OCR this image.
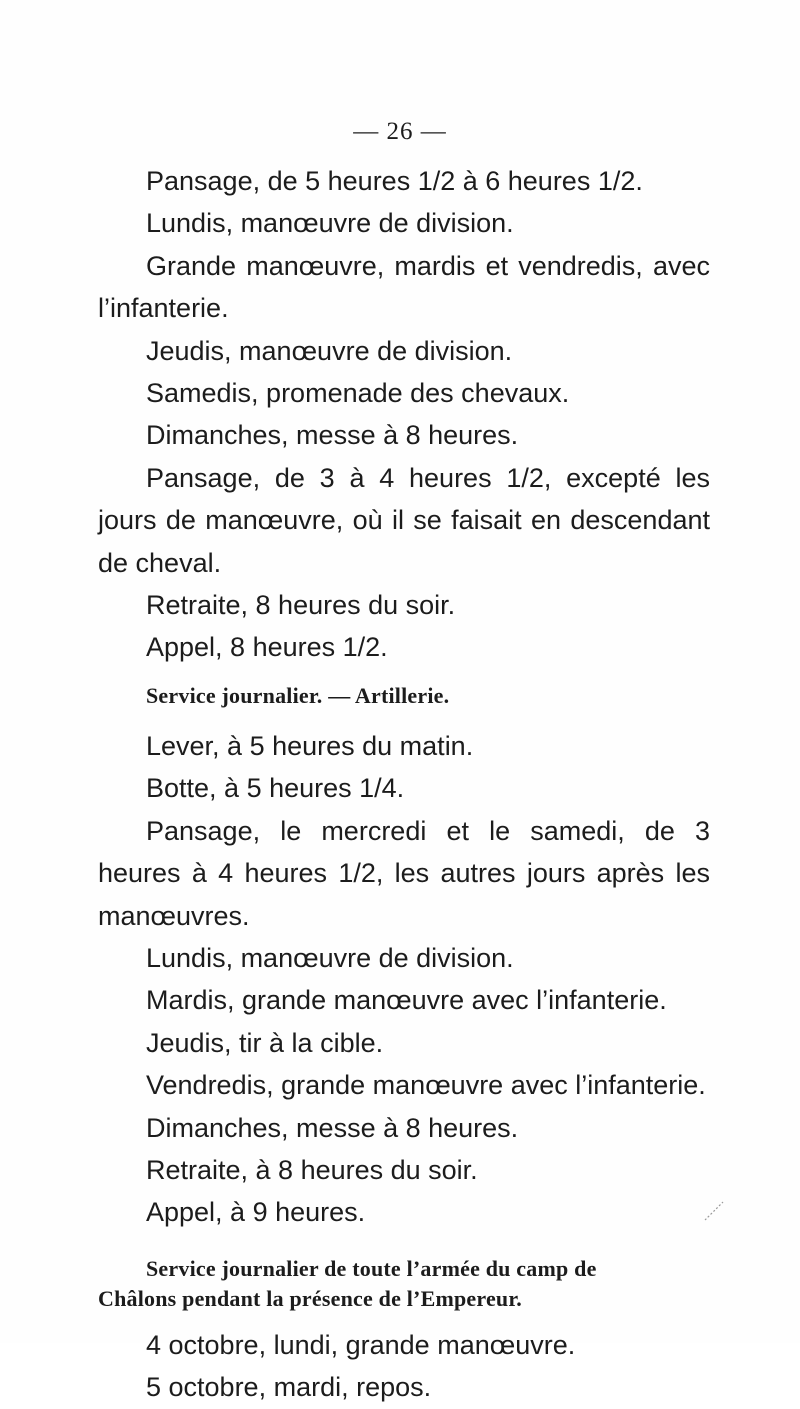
— 26 —

Pansage, de 5 heures 1/2 à 6 heures 1/2.

Lundis, manœuvre de division.

Grande manœuvre, mardis et vendredis, avec l’infanterie.

Jeudis, manœuvre de division.

Samedis, promenade des chevaux.

Dimanches, messe à 8 heures.

Pansage, de 3 à 4 heures 1/2, excepté les jours de manœuvre, où il se faisait en descendant de cheval.

Retraite, 8 heures du soir.

Appel, 8 heures 1/2.

Service journalier. — Artillerie.

Lever, à 5 heures du matin.

Botte, à 5 heures 1/4.

Pansage, le mercredi et le samedi, de 3 heures à 4 heures 1/2, les autres jours après les manœuvres.

Lundis, manœuvre de division.

Mardis, grande manœuvre avec l’infanterie.

Jeudis, tir à la cible.

Vendredis, grande manœuvre avec l’infanterie.

Dimanches, messe à 8 heures.

Retraite, à 8 heures du soir.

Appel, à 9 heures.

Service journalier de toute l’armée du camp de
Châlons pendant la présence de l’Empereur.

4 octobre, lundi, grande manœuvre.

5 octobre, mardi, repos.
